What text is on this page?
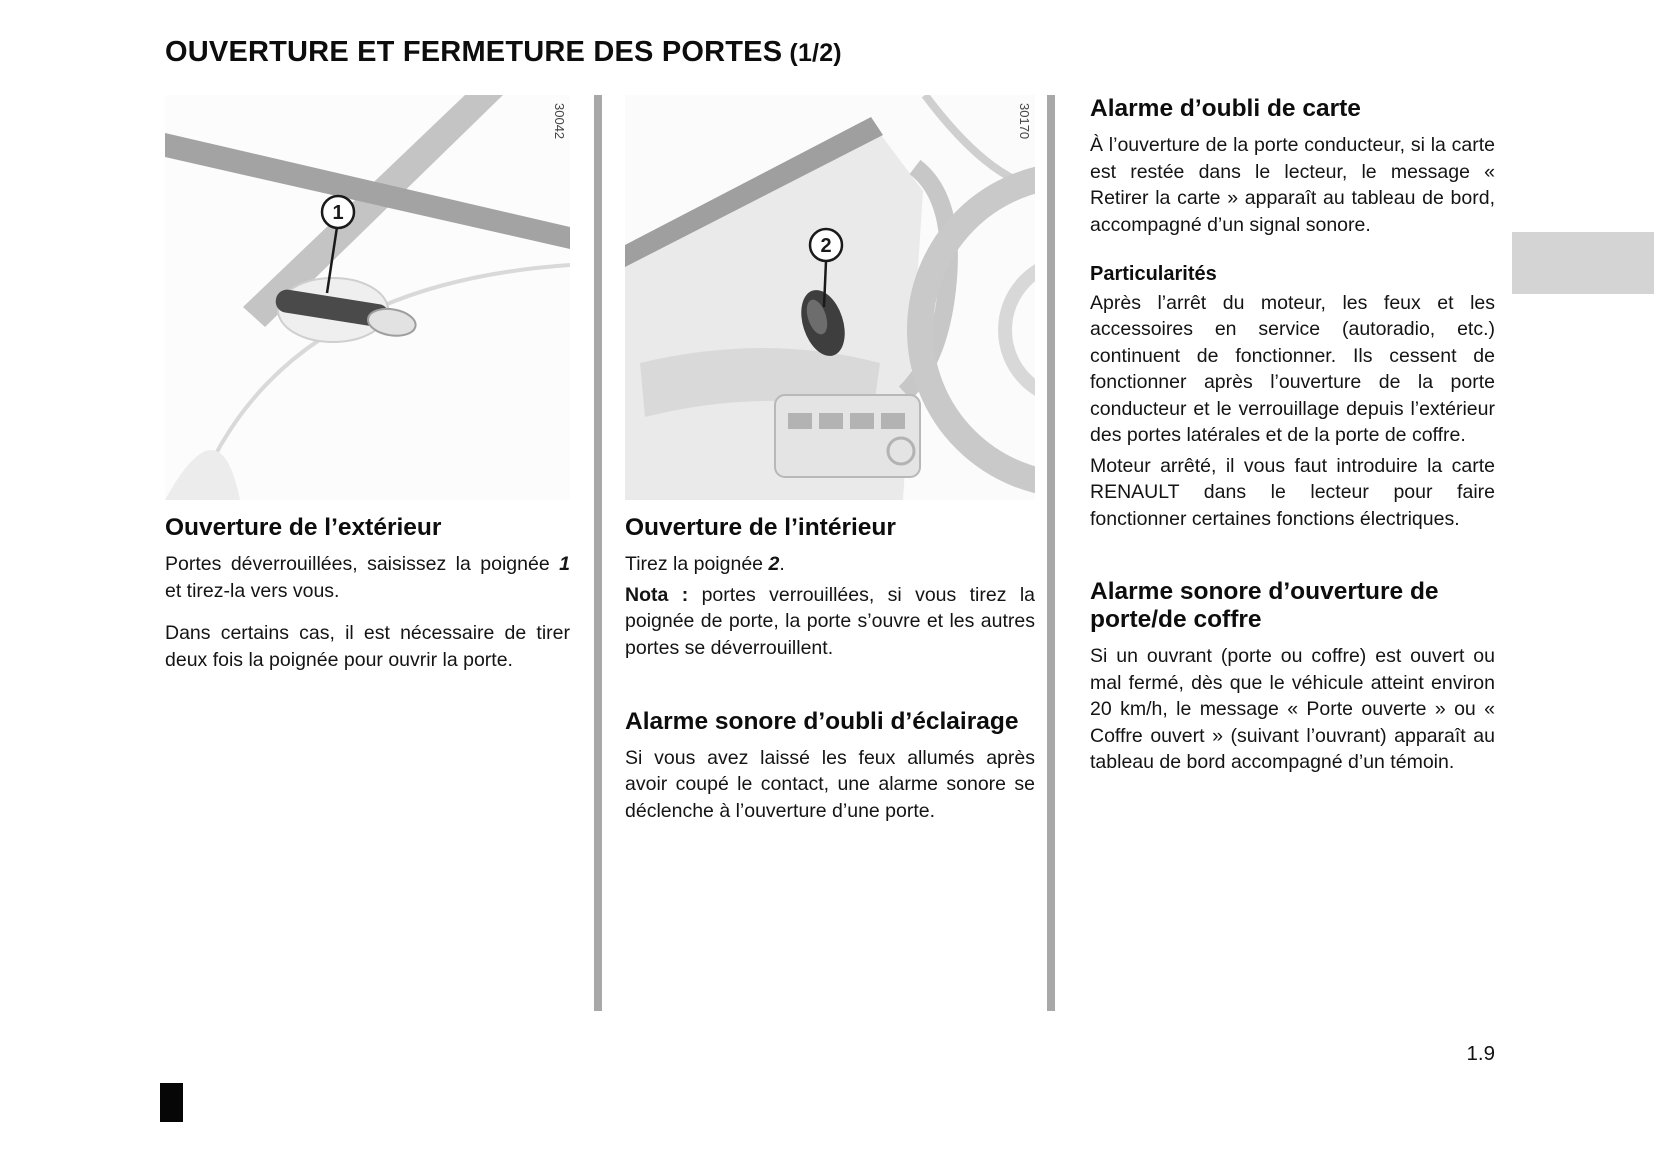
OUVERTURE ET FERMETURE DES PORTES (1/2)
1.9
1
30042
Ouverture de l’extérieur

Portes déverrouillées, saisissez la poignée 1 et tirez-la vers vous.

Dans certains cas, il est nécessaire de tirer deux fois la poignée pour ouvrir la porte.

2
30170
Ouverture de l’intérieur

Tirez la poignée 2.

Nota : portes verrouillées, si vous tirez la poignée de porte, la porte s’ouvre et les autres portes se déverrouillent.

Alarme sonore d’oubli d’éclairage

Si vous avez laissé les feux allumés après avoir coupé le contact, une alarme sonore se déclenche à l’ouverture d’une porte.

Alarme d’oubli de carte

À l’ouverture de la porte conducteur, si la carte est restée dans le lecteur, le message « Retirer la carte » apparaît au tableau de bord, accompagné d’un signal sonore.

Particularités

Après l’arrêt du moteur, les feux et les accessoires en service (autoradio, etc.) continuent de fonctionner. Ils cessent de fonctionner après l’ouverture de la porte conducteur et le verrouillage depuis l’extérieur des portes latérales et de la porte de coffre.

Moteur arrêté, il vous faut introduire la carte RENAULT dans le lecteur pour faire fonctionner certaines fonctions électriques.

Alarme sonore d’ouverture de porte/de coffre

Si un ouvrant (porte ou coffre) est ouvert ou mal fermé, dès que le véhicule atteint environ 20 km/h, le message « Porte ouverte » ou « Coffre ouvert » (suivant l’ouvrant) apparaît au tableau de bord accompagné d’un témoin.
